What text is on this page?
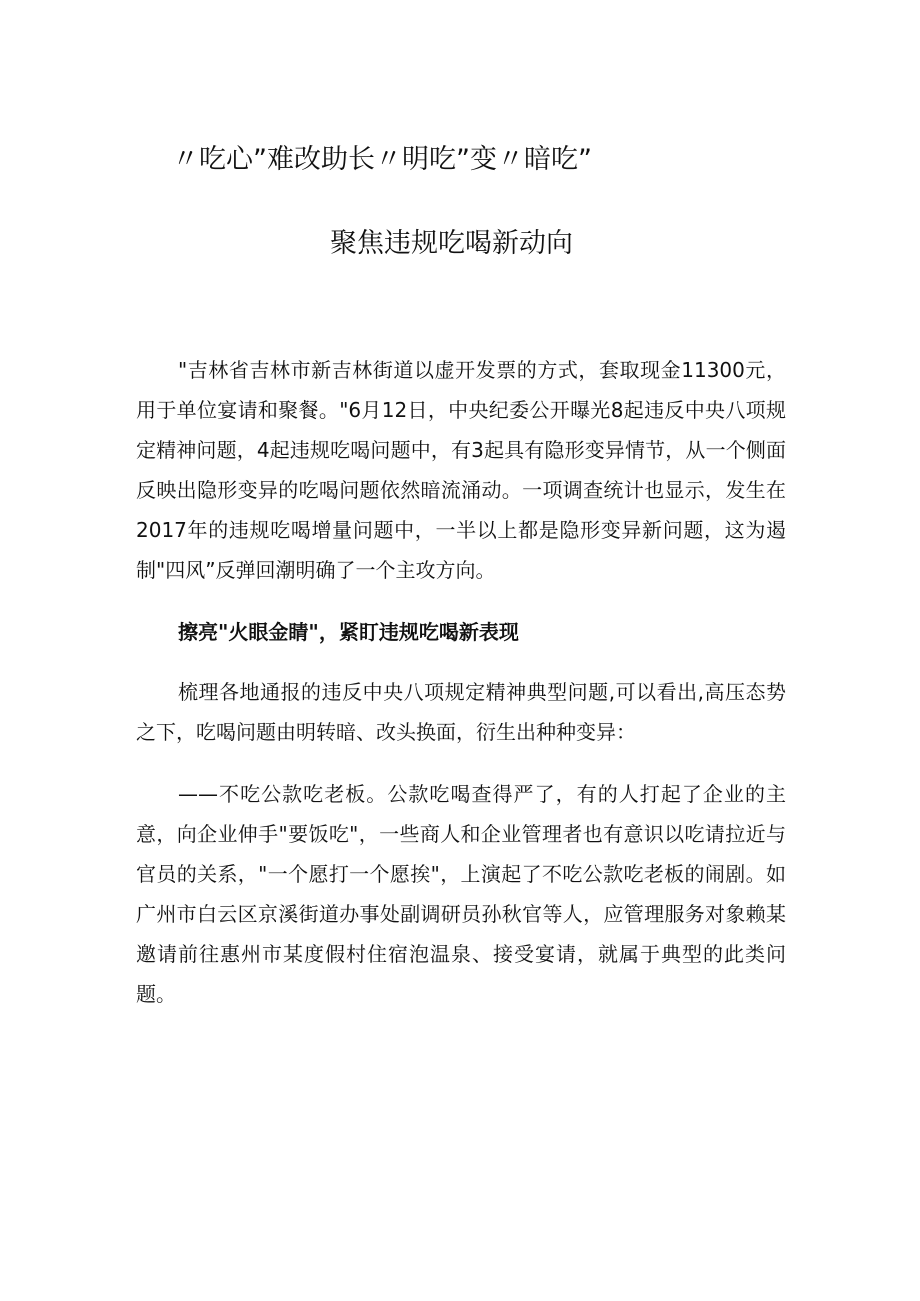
〃吃心”难改助长〃明吃”变〃暗吃”
聚焦违规吃喝新动向

"吉林省吉林市新吉林街道以虚开发票的方式，套取现金11300元，用于单位宴请和聚餐。"6月12日，中央纪委公开曝光8起违反中央八项规定精神问题，4起违规吃喝问题中，有3起具有隐形变异情节，从一个侧面反映出隐形变异的吃喝问题依然暗流涌动。一项调查统计也显示，发生在2017年的违规吃喝增量问题中，一半以上都是隐形变异新问题，这为遏制"四风”反弹回潮明确了一个主攻方向。

擦亮"火眼金睛"，紧盯违规吃喝新表现

梳理各地通报的违反中央八项规定精神典型问题,可以看出,高压态势之下，吃喝问题由明转暗、改头换面，衍生出种种变异：

——不吃公款吃老板。公款吃喝查得严了，有的人打起了企业的主意，向企业伸手"要饭吃"，一些商人和企业管理者也有意识以吃请拉近与官员的关系，"一个愿打一个愿挨"，上演起了不吃公款吃老板的闹剧。如广州市白云区京溪街道办事处副调研员孙秋官等人，应管理服务对象赖某邀请前往惠州市某度假村住宿泡温泉、接受宴请，就属于典型的此类问题。
